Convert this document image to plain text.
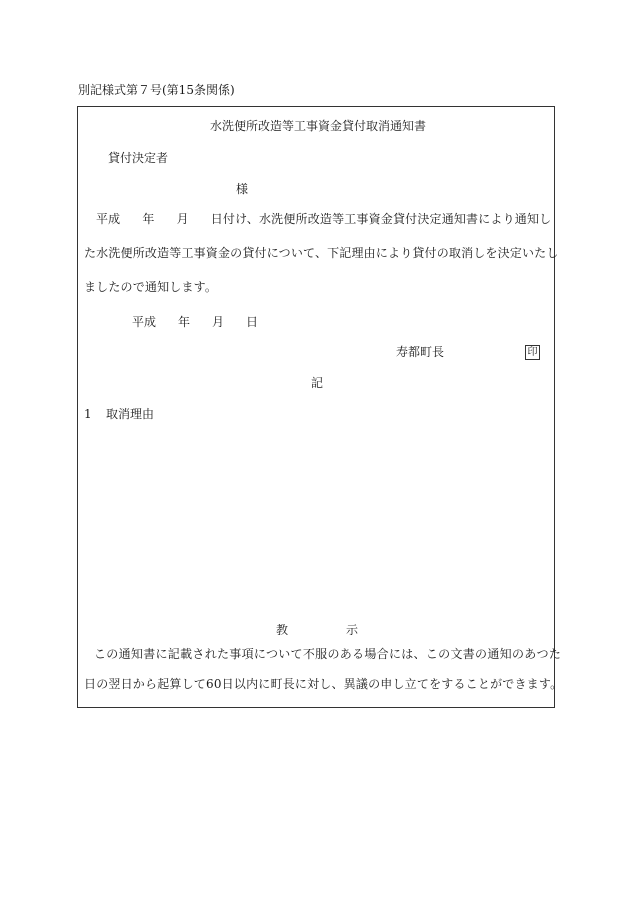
別記様式第７号(第15条関係)
水洗便所改造等工事資金貸付取消通知書
貸付決定者
様
平成 年 月 日付け、水洗便所改造等工事資金貸付決定通知書により通知し
た水洗便所改造等工事資金の貸付について、下記理由により貸付の取消しを決定いたし
ましたので通知します。
平成 年 月 日
寿都町長	印
記
1 取消理由
教	示
この通知書に記載された事項について不服のある場合には、この文書の通知のあつた
日の翌日から起算して60日以内に町長に対し、異議の申し立てをすることができます。
